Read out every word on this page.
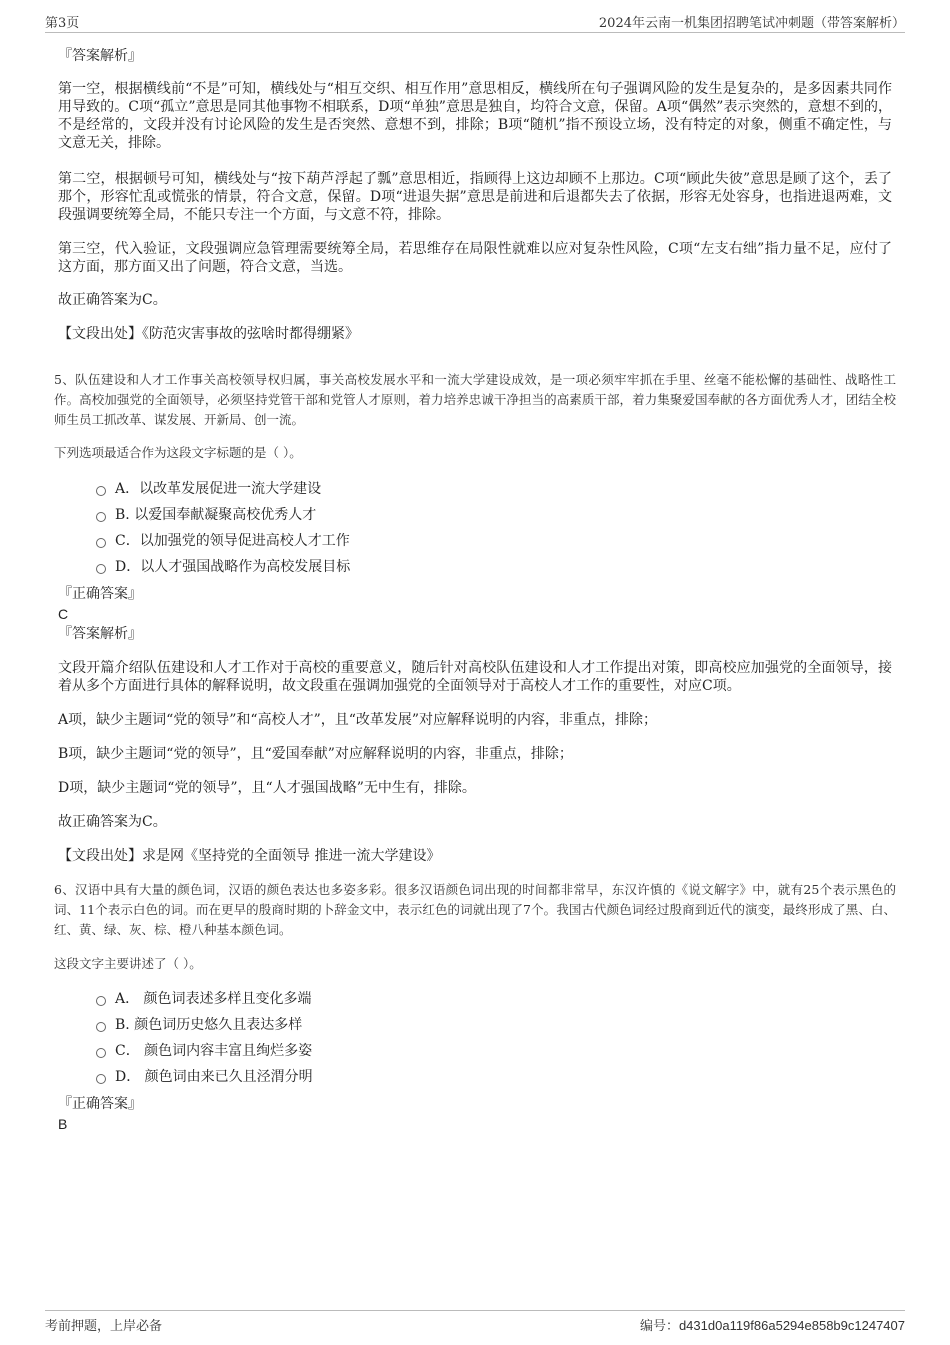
第3页	2024年云南一机集团招聘笔试冲刺题（带答案解析）

『答案解析』

第一空，根据横线前“不是”可知，横线处与“相互交织、相互作用”意思相反，横线所在句子强调风险的发生是复杂的，是多因素共同作用导致的。C项“孤立”意思是同其他事物不相联系，D项“单独”意思是独自，均符合文意，保留。A项“偶然”表示突然的，意想不到的，不是经常的，文段并没有讨论风险的发生是否突然、意想不到，排除；B项“随机”指不预设立场，没有特定的对象，侧重不确定性，与文意无关，排除。

第二空，根据顿号可知，横线处与“按下葫芦浮起了瓢”意思相近，指顾得上这边却顾不上那边。C项“顾此失彼”意思是顾了这个，丢了那个，形容忙乱或慌张的情景，符合文意，保留。D项“进退失据”意思是前进和后退都失去了依据，形容无处容身，也指进退两难，文段强调要统筹全局，不能只专注一个方面，与文意不符，排除。

第三空，代入验证，文段强调应急管理需要统筹全局，若思维存在局限性就难以应对复杂性风险，C项“左支右绌”指力量不足，应付了这方面，那方面又出了问题，符合文意，当选。

故正确答案为C。

【文段出处】《防范灾害事故的弦啥时都得绷紧》

5、队伍建设和人才工作事关高校领导权归属，事关高校发展水平和一流大学建设成效，是一项必须牢牢抓在手里、丝毫不能松懈的基础性、战略性工作。高校加强党的全面领导，必须坚持党管干部和党管人才原则，着力培养忠诚干净担当的高素质干部，着力集聚爱国奉献的各方面优秀人才，团结全校师生员工抓改革、谋发展、开新局、创一流。

下列选项最适合作为这段文字标题的是（ ）。

A．以改革发展促进一流大学建设
B. 以爱国奉献凝聚高校优秀人才
C．以加强党的领导促进高校人才工作
D．以人才强国战略作为高校发展目标

『正确答案』

C

『答案解析』

文段开篇介绍队伍建设和人才工作对于高校的重要意义，随后针对高校队伍建设和人才工作提出对策，即高校应加强党的全面领导，接着从多个方面进行具体的解释说明，故文段重在强调加强党的全面领导对于高校人才工作的重要性，对应C项。

A项，缺少主题词“党的领导”和“高校人才”，且“改革发展”对应解释说明的内容，非重点，排除；

B项，缺少主题词“党的领导”，且“爱国奉献”对应解释说明的内容，非重点，排除；

D项，缺少主题词“党的领导”，且“人才强国战略”无中生有，排除。

故正确答案为C。

【文段出处】求是网《坚持党的全面领导 推进一流大学建设》

6、汉语中具有大量的颜色词，汉语的颜色表达也多姿多彩。很多汉语颜色词出现的时间都非常早，东汉许慎的《说文解字》中，就有25个表示黑色的词、11个表示白色的词。而在更早的殷商时期的卜辞金文中，表示红色的词就出现了7个。我国古代颜色词经过殷商到近代的演变，最终形成了黑、白、红、黄、绿、灰、棕、橙八种基本颜色词。

这段文字主要讲述了（ ）。

A． 颜色词表述多样且变化多端
B. 颜色词历史悠久且表达多样
C． 颜色词内容丰富且绚烂多姿
D． 颜色词由来已久且泾渭分明

『正确答案』

B

考前押题，上岸必备	编号：d431d0a119f86a5294e858b9c1247407
